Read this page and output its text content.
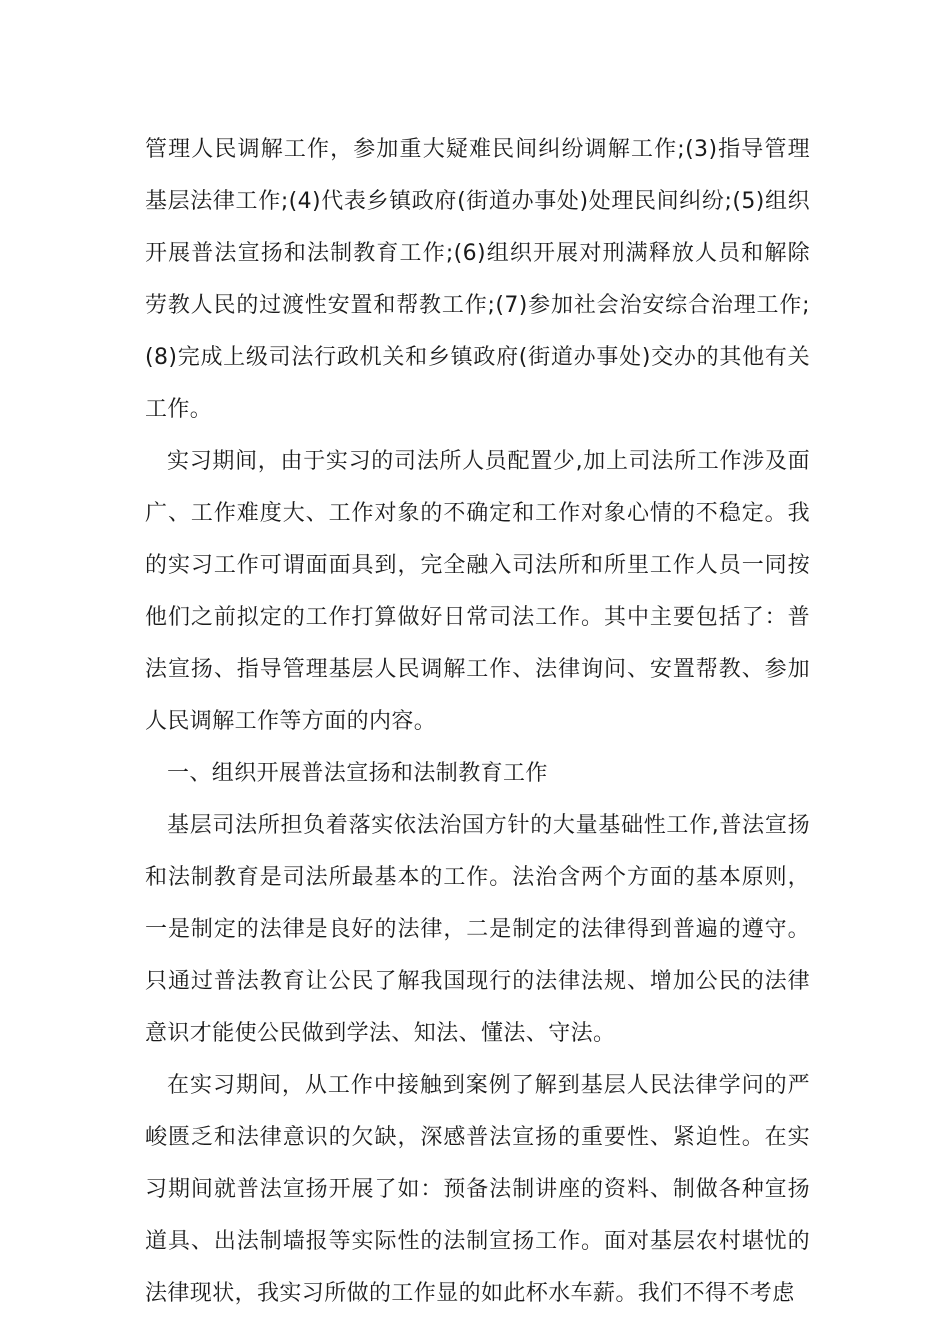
管理人民调解工作，参加重大疑难民间纠纷调解工作;(3)指导管理基层法律工作;(4)代表乡镇政府(街道办事处)处理民间纠纷;(5)组织开展普法宣扬和法制教育工作;(6)组织开展对刑满释放人员和解除劳教人民的过渡性安置和帮教工作;(7)参加社会治安综合治理工作;(8)完成上级司法行政机关和乡镇政府(街道办事处)交办的其他有关工作。

实习期间，由于实习的司法所人员配置少,加上司法所工作涉及面广、工作难度大、工作对象的不确定和工作对象心情的不稳定。我的实习工作可谓面面具到，完全融入司法所和所里工作人员一同按他们之前拟定的工作打算做好日常司法工作。其中主要包括了：普法宣扬、指导管理基层人民调解工作、法律询问、安置帮教、参加人民调解工作等方面的内容。

一、组织开展普法宣扬和法制教育工作

基层司法所担负着落实依法治国方针的大量基础性工作,普法宣扬和法制教育是司法所最基本的工作。法治含两个方面的基本原则，一是制定的法律是良好的法律，二是制定的法律得到普遍的遵守。只通过普法教育让公民了解我国现行的法律法规、增加公民的法律意识才能使公民做到学法、知法、懂法、守法。

在实习期间，从工作中接触到案例了解到基层人民法律学问的严峻匮乏和法律意识的欠缺，深感普法宣扬的重要性、紧迫性。在实习期间就普法宣扬开展了如：预备法制讲座的资料、制做各种宣扬道具、出法制墙报等实际性的法制宣扬工作。面对基层农村堪忧的法律现状，我实习所做的工作显的如此杯水车薪。我们不得不考虑
